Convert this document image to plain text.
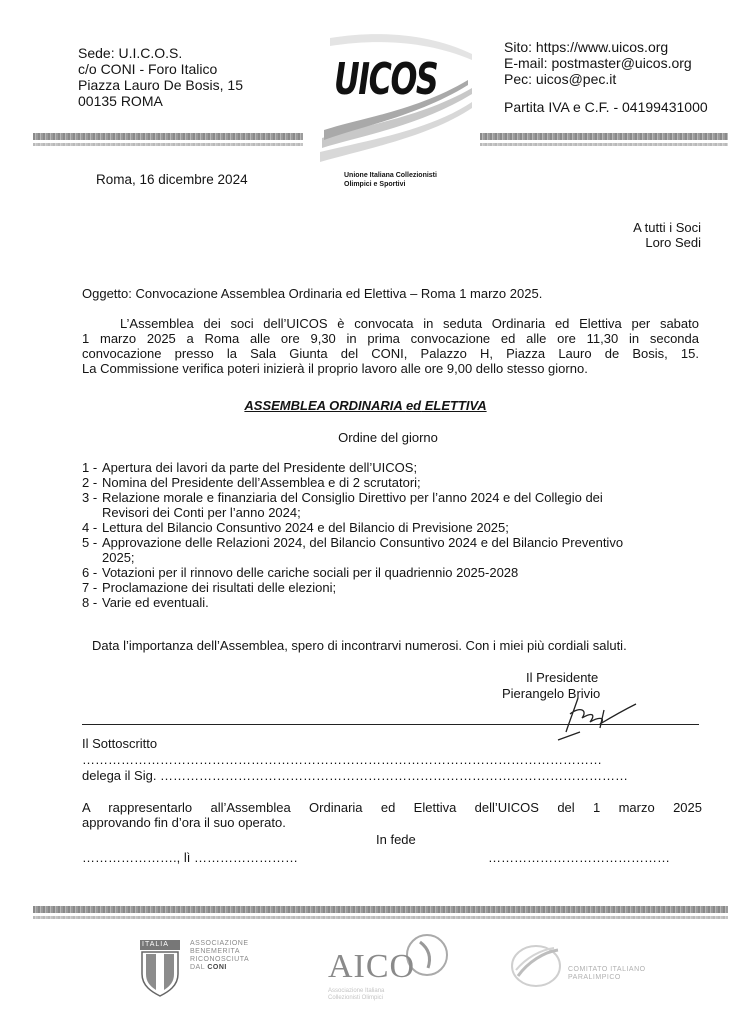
Sede: U.I.C.O.S.
c/o CONI - Foro Italico
Piazza Lauro De Bosis, 15
00135 ROMA	UICOS
Unione Italiana Collezionisti
Olimpici e Sportivi
Sito: https://www.uicos.org
E-mail: postmaster@uicos.org
Pec: uicos@pec.it
Partita IVA e C.F. - 04199431000
Roma, 16 dicembre 2024
A tutti i Soci
Loro Sedi
Oggetto: Convocazione Assemblea Ordinaria ed Elettiva – Roma 1 marzo 2025.
L’Assemblea dei soci dell’UICOS è convocata in seduta Ordinaria ed Elettiva per sabato
1 marzo 2025 a Roma alle ore 9,30 in prima convocazione ed alle ore 11,30 in seconda
convocazione presso la Sala Giunta del CONI, Palazzo H, Piazza Lauro de Bosis, 15.
La Commissione verifica poteri inizierà il proprio lavoro alle ore 9,00 dello stesso giorno.
ASSEMBLEA ORDINARIA ed ELETTIVA
Ordine del giorno
1 - Apertura dei lavori da parte del Presidente dell’UICOS;
2 - Nomina del Presidente dell’Assemblea e di 2 scrutatori;
3 - Relazione morale e finanziaria del Consiglio Direttivo per l’anno 2024 e del Collegio dei
Revisori dei Conti per l’anno 2024;
4 - Lettura del Bilancio Consuntivo 2024 e del Bilancio di Previsione 2025;
5 - Approvazione delle Relazioni 2024, del Bilancio Consuntivo 2024 e del Bilancio Preventivo
2025;
6 - Votazioni per il rinnovo delle cariche sociali per il quadriennio 2025-2028
7 - Proclamazione dei risultati delle elezioni;
8 - Varie ed eventuali.
Data l’importanza dell’Assemblea, spero di incontrarvi numerosi. Con i miei più cordiali saluti.
Il Presidente
Pierangelo Brivio
Il Sottoscritto
…………………………………………………………………………………………………………
delega il Sig. ………………………………………………………………………………………………
A rappresentarlo all’Assemblea Ordinaria ed Elettiva dell’UICOS del 1 marzo 2025
approvando fin d’ora il suo operato.
In fede
…………………., lì ……………………	……………………………………
ITALIA	ASSOCIAZIONE
BENEMERITA
RICONOSCIUTA
DAL CONI	AICO
Associazione Italiana
Collezionisti Olimpici
COMITATO ITALIANO
PARALIMPICO
